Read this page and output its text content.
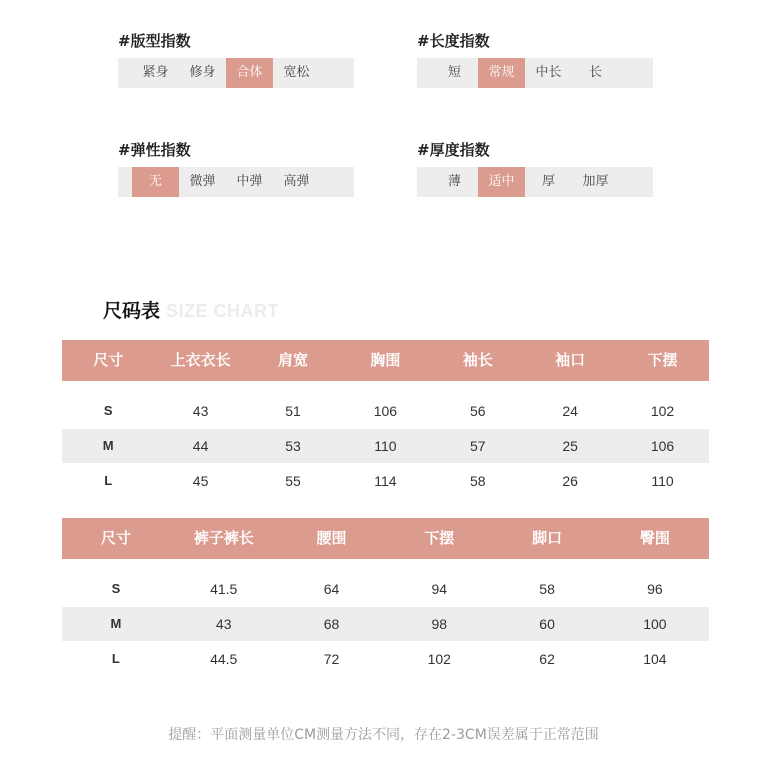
#版型指数
紧身	修身	合体	宽松
#长度指数
短	常规	中长	长
#弹性指数
无	微弹	中弹	高弹
#厚度指数
薄	适中	厚	加厚
尺码表 SIZE CHART
尺寸	上衣衣长	肩宽	胸围	袖长	袖口	下摆
S	43	51	106	56	24	102
M	44	53	110	57	25	106
L	45	55	114	58	26	110
尺寸	裤子裤长	腰围	下摆	脚口	臀围
S	41.5	64	94	58	96
M	43	68	98	60	100
L	44.5	72	102	62	104
提醒：平面测量单位CM测量方法不同，存在2-3CM误差属于正常范围
